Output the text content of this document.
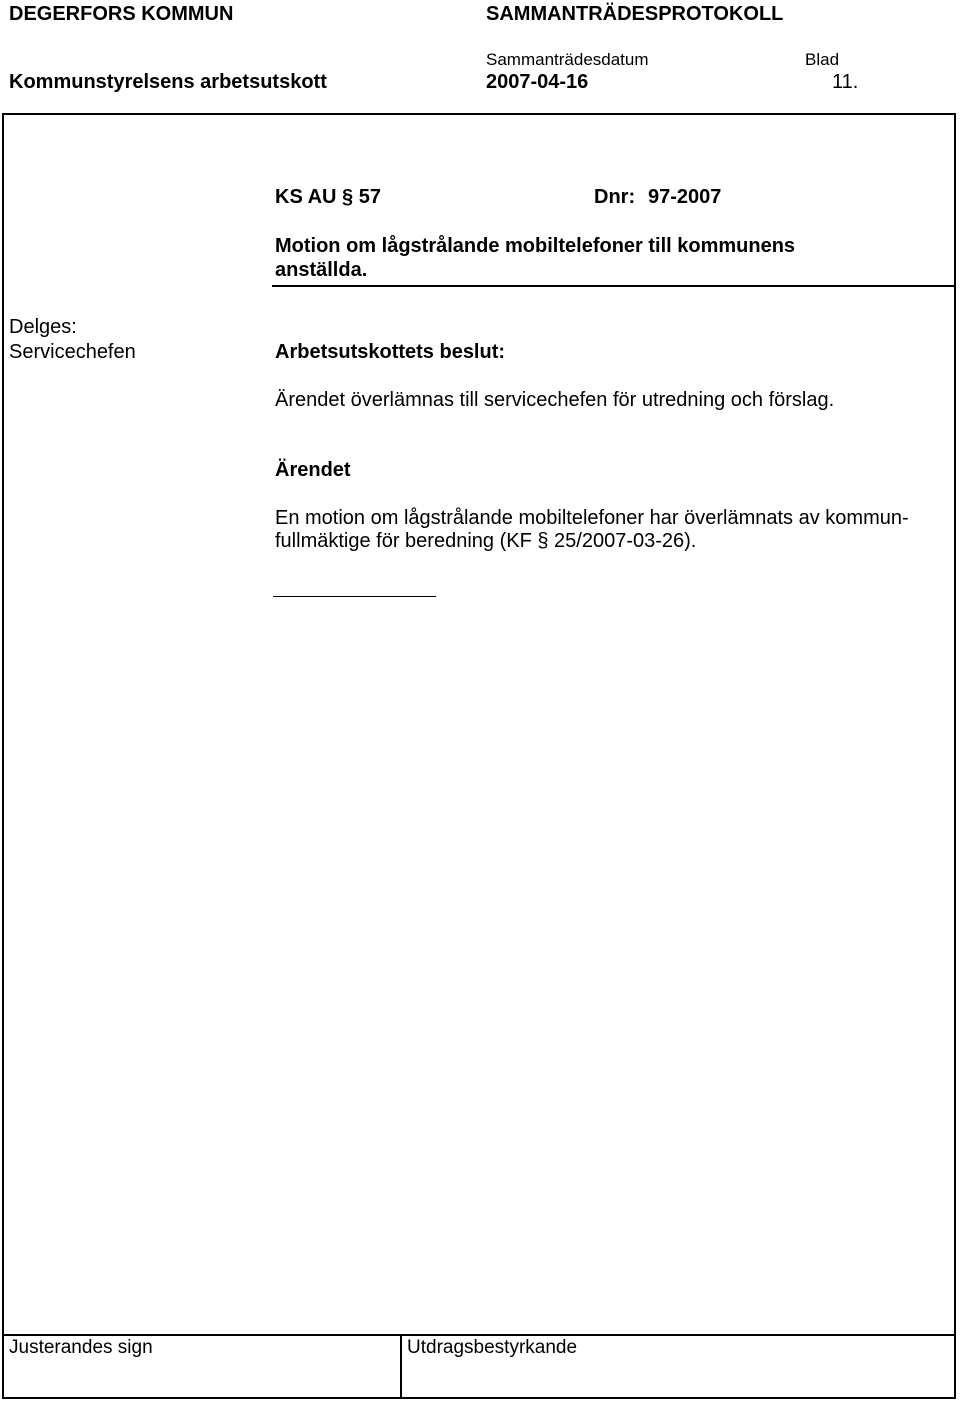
DEGERFORS KOMMUN	SAMMANTRÄDESPROTOKOLL
Sammanträdesdatum	Blad
Kommunstyrelsens arbetsutskott	2007-04-16	11.
KS AU § 57	Dnr: 97-2007
Motion om lågstrålande mobiltelefoner till kommunens
anställda.
Delges:
Servicechefen	Arbetsutskottets beslut:
Ärendet överlämnas till servicechefen för utredning och förslag.
Ärendet
En motion om lågstrålande mobiltelefoner har överlämnats av kommun-
fullmäktige för beredning (KF § 25/2007-03-26).
Justerandes sign	Utdragsbestyrkande
